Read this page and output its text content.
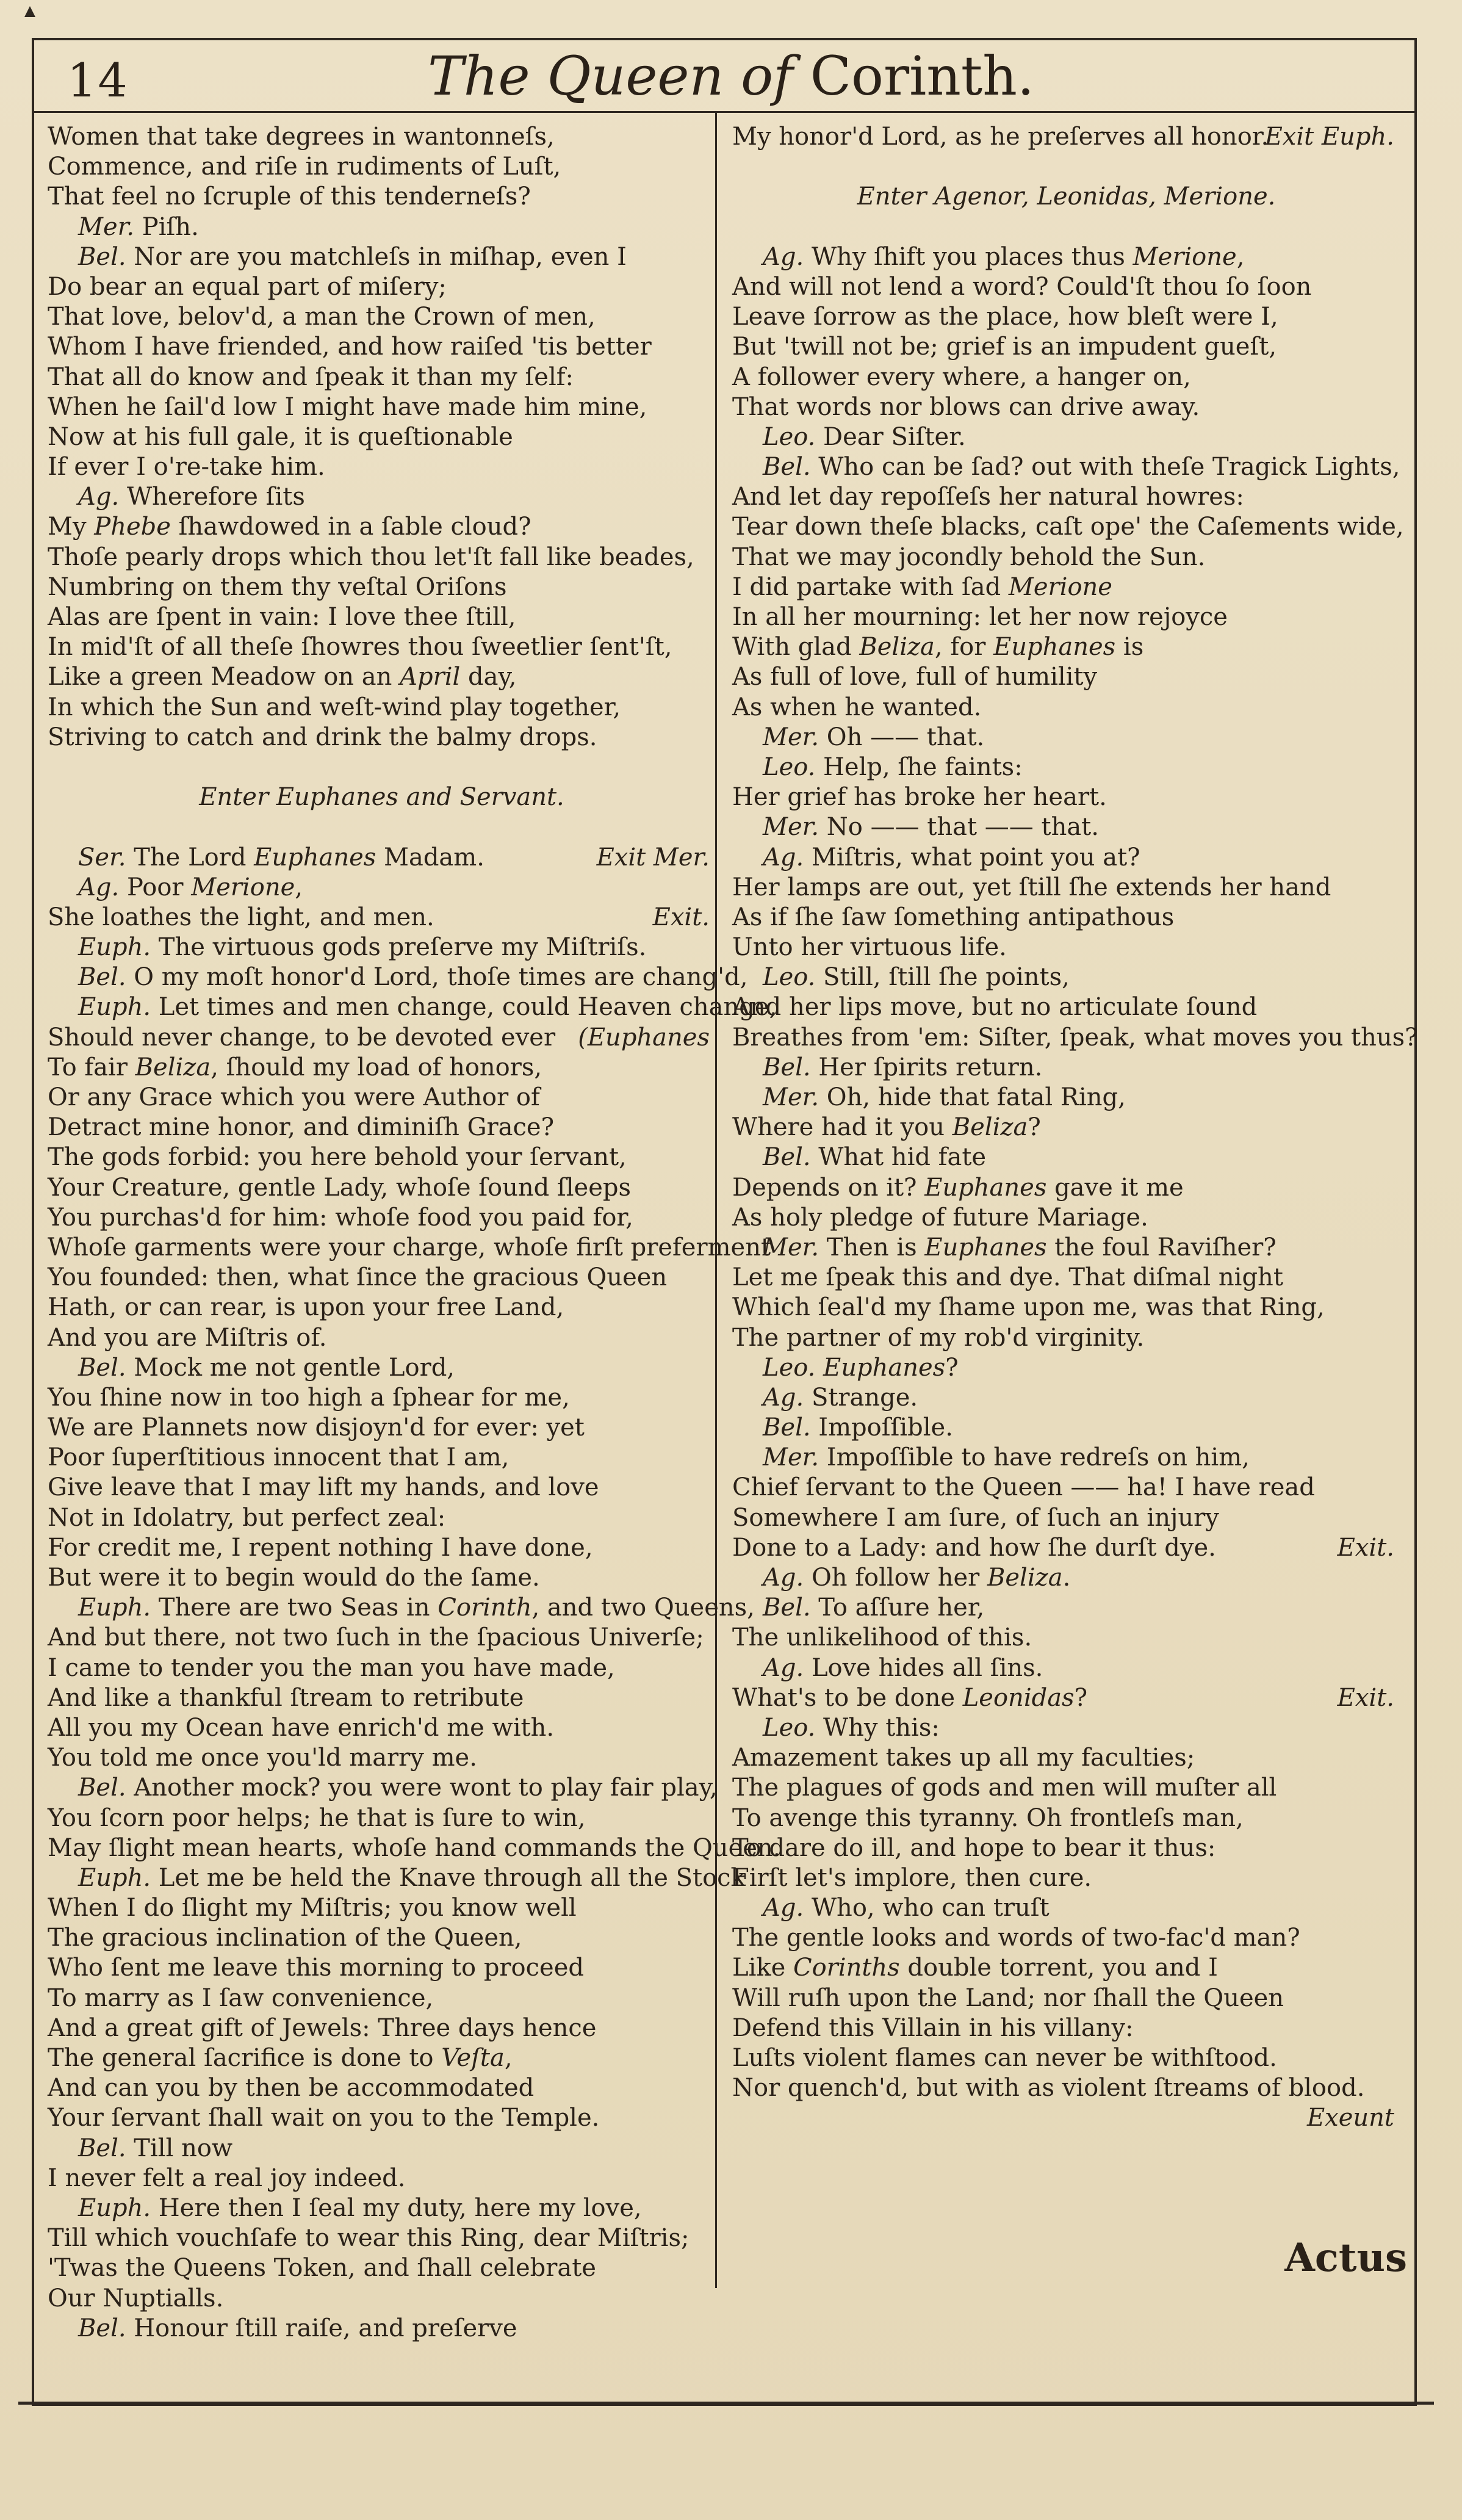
14	The Queen of Corinth.
Women that take degrees in wantonneſs,
Commence, and riſe in rudiments of Luſt,
That feel no ſcruple of this tenderneſs?
Mer. Piſh.
Bel. Nor are you matchleſs in miſhap, even I
Do bear an equal part of miſery;
That love, belov'd, a man the Crown of men,
Whom I have friended, and how raiſed 'tis better
That all do know and ſpeak it than my ſelf:
When he ſail'd low I might have made him mine,
Now at his full gale, it is queſtionable
If ever I o're-take him.
Ag. Wherefore ſits
My Phebe ſhawdowed in a ſable cloud?
Thoſe pearly drops which thou let'ſt fall like beades,
Numbring on them thy veſtal Oriſons
Alas are ſpent in vain: I love thee ſtill,
In mid'ſt of all theſe ſhowres thou ſweetlier ſent'ſt,
Like a green Meadow on an April day,
In which the Sun and weſt-wind play together,
Striving to catch and drink the balmy drops.
Enter Euphanes and Servant.
Ser. The Lord Euphanes Madam.	Exit Mer.
Ag. Poor Merione,
She loathes the light, and men.	Exit.
Euph. The virtuous gods preſerve my Miſtriſs.
Bel. O my moſt honor'd Lord, thoſe times are chang'd,
Euph. Let times and men change, could Heaven change,
Should never change, to be devoted ever (Euphanes
To fair Beliza, ſhould my load of honors,
Or any Grace which you were Author of
Detract mine honor, and diminiſh Grace?
The gods forbid: you here behold your ſervant,
Your Creature, gentle Lady, whoſe ſound ſleeps
You purchas'd for him: whoſe food you paid for,
Whoſe garments were your charge, whoſe firſt preferment
You founded: then, what ſince the gracious Queen
Hath, or can rear, is upon your free Land,
And you are Miſtris of.
Bel. Mock me not gentle Lord,
You ſhine now in too high a ſphear for me,
We are Plannets now disjoyn'd for ever: yet
Poor ſuperſtitious innocent that I am,
Give leave that I may lift my hands, and love
Not in Idolatry, but perfect zeal:
For credit me, I repent nothing I have done,
But were it to begin would do the ſame.
Euph. There are two Seas in Corinth, and two Queens,
And but there, not two ſuch in the ſpacious Univerſe;
I came to tender you the man you have made,
And like a thankful ſtream to retribute
All you my Ocean have enrich'd me with.
You told me once you'ld marry me.
Bel. Another mock? you were wont to play fair play,
You ſcorn poor helps; he that is ſure to win,
May ſlight mean hearts, whoſe hand commands the Queen.
Euph. Let me be held the Knave through all the Stock
When I do ſlight my Miſtris; you know well
The gracious inclination of the Queen,
Who ſent me leave this morning to proceed
To marry as I ſaw convenience,
And a great gift of Jewels: Three days hence
The general ſacrifice is done to Veſta,
And can you by then be accommodated
Your ſervant ſhall wait on you to the Temple.
Bel. Till now
I never felt a real joy indeed.
Euph. Here then I ſeal my duty, here my love,
Till which vouchſafe to wear this Ring, dear Miſtris;
'Twas the Queens Token, and ſhall celebrate
Our Nuptialls.
Bel. Honour ſtill raiſe, and preſerve
My honor'd Lord, as he preſerves all honor.
Exit Euph.
Enter Agenor, Leonidas, Merione.
Ag. Why ſhift you places thus Merione,
And will not lend a word? Could'ſt thou ſo ſoon
Leave ſorrow as the place, how bleſt were I,
But 'twill not be; grief is an impudent gueſt,
A follower every where, a hanger on,
That words nor blows can drive away.
Leo. Dear Siſter.
Bel. Who can be ſad? out with theſe Tragick Lights,
And let day repoſſeſs her natural howres:
Tear down theſe blacks, caſt ope' the Caſements wide,
That we may jocondly behold the Sun.
I did partake with ſad Merione
In all her mourning: let her now rejoyce
With glad Beliza, for Euphanes is
As full of love, full of humility
As when he wanted.
Mer. Oh —— that.
Leo. Help, ſhe faints:
Her grief has broke her heart.
Mer. No —— that —— that.
Ag. Miſtris, what point you at?
Her lamps are out, yet ſtill ſhe extends her hand
As if ſhe ſaw ſomething antipathous
Unto her virtuous life.
Leo. Still, ſtill ſhe points,
And her lips move, but no articulate ſound
Breathes from 'em: Siſter, ſpeak, what moves you thus?
Bel. Her ſpirits return.
Mer. Oh, hide that fatal Ring,
Where had it you Beliza?
Bel. What hid fate
Depends on it? Euphanes gave it me
As holy pledge of future Mariage.
Mer. Then is Euphanes the foul Raviſher?
Let me ſpeak this and dye. That diſmal night
Which ſeal'd my ſhame upon me, was that Ring,
The partner of my rob'd virginity.
Leo. Euphanes?
Ag. Strange.
Bel. Impoſſible.
Mer. Impoſſible to have redreſs on him,
Chief ſervant to the Queen —— ha! I have read
Somewhere I am ſure, of ſuch an injury
Done to a Lady: and how ſhe durſt dye.	Exit.
Ag. Oh follow her Beliza.
Bel. To aſſure her,
The unlikelihood of this.
Ag. Love hides all ſins.
What's to be done Leonidas?	Exit.
Leo. Why this:
Amazement takes up all my faculties;
The plagues of gods and men will muſter all
To avenge this tyranny. Oh frontleſs man,
To dare do ill, and hope to bear it thus:
Firſt let's implore, then cure.
Ag. Who, who can truſt
The gentle looks and words of two-fac'd man?
Like Corinths double torrent, you and I
Will ruſh upon the Land; nor ſhall the Queen
Defend this Villain in his villany:
Luſts violent flames can never be withſtood.
Nor quench'd, but with as violent ſtreams of blood.
Exeunt
Actus
